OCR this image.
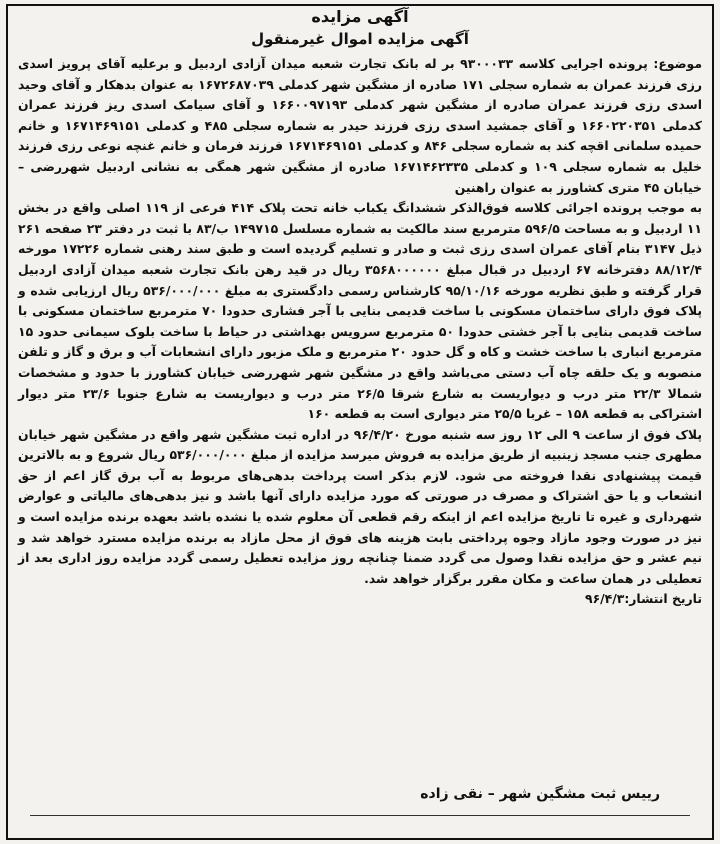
آگهی مزایده

آگهی مزایده اموال غیرمنقول

موضوع: پرونده اجرایی کلاسه ۹۳۰۰۰۳۳ بر له بانک تجارت شعبه میدان آزادی اردبیل و برعلیه آقای پرویز اسدی رزی فرزند عمران به شماره سجلی ۱۷۱ صادره از مشگین شهر کدملی ۱۶۷۲۶۸۷۰۳۹ به عنوان بدهکار و آقای وحید اسدی رزی فرزند عمران صادره از مشگین شهر کدملی ۱۶۶۰۰۹۷۱۹۳ و آقای سیامک اسدی ریز فرزند عمران کدملی ۱۶۶۰۲۲۰۳۵۱ و آقای جمشید اسدی رزی فرزند حیدر به شماره سجلی ۴۸۵ و کدملی ۱۶۷۱۴۶۹۱۵۱ و خانم حمیده سلمانی اقچه کند به شماره سجلی ۸۴۶ و کدملی ۱۶۷۱۴۶۹۱۵۱ فرزند فرمان و خانم غنچه نوعی رزی فرزند خلیل به شماره سجلی ۱۰۹ و کدملی ۱۶۷۱۴۶۲۳۳۵ صادره از مشگین شهر همگی به نشانی اردبیل شهررضی – خیابان ۴۵ متری کشاورز به عنوان راهنین

به موجب پرونده اجرائی کلاسه فوق‌الذکر ششدانگ یکباب خانه تحت پلاک ۴۱۴ فرعی از ۱۱۹ اصلی واقع در بخش ۱۱ اردبیل و به مساحت ۵۹۶/۵ مترمربع سند مالکیت به شماره مسلسل ۱۴۹۷۱۵ ب/۸۳ با ثبت در دفتر ۲۳ صفحه ۲۶۱ ذیل ۳۱۴۷ بنام آقای عمران اسدی رزی ثبت و صادر و تسلیم گردیده است و طبق سند رهنی شماره ۱۷۲۲۶ مورخه ۸۸/۱۲/۴ دفترخانه ۶۷ اردبیل در قبال مبلغ ۳۵۶۸۰۰۰۰۰۰ ریال در قید رهن بانک تجارت شعبه میدان آزادی اردبیل قرار گرفته و طبق نظریه مورخه ۹۵/۱۰/۱۶ کارشناس رسمی دادگستری به مبلغ ۵۳۶/۰۰۰/۰۰۰ ریال ارزیابی شده و پلاک فوق دارای ساختمان مسکونی با ساخت قدیمی بنایی با آجر فشاری حدودا ۷۰ مترمربع ساختمان مسکونی با ساخت قدیمی بنایی با آجر خشتی حدودا ۵۰ مترمربع سرویس بهداشتی در حیاط با ساخت بلوک سیمانی حدود ۱۵ مترمربع انباری با ساخت خشت و کاه و گل حدود ۲۰ مترمربع و ملک مزبور دارای انشعابات آب و برق و گاز و تلفن منصوبه و یک حلقه چاه آب دستی می‌باشد واقع در مشگین شهر شهررضی خیابان کشاورز با حدود و مشخصات شمالا ۲۲/۳ متر درب و دیواریست به شارع شرقا ۲۶/۵ متر درب و دیواریست به شارع جنوبا ۲۳/۶ متر دیوار اشتراکی به قطعه ۱۵۸ – غربا ۲۵/۵ متر دیواری است به قطعه ۱۶۰

پلاک فوق از ساعت ۹ الی ۱۲ روز سه شنبه مورخ ۹۶/۴/۲۰ در اداره ثبت مشگین شهر واقع در مشگین شهر خیابان مطهری جنب مسجد زینبیه از طریق مزایده به فروش میرسد مزایده از مبلغ ۵۳۶/۰۰۰/۰۰۰ ریال شروع و به بالاترین قیمت پیشنهادی نقدا فروخته می شود. لازم بذکر است پرداخت بدهی‌های مربوط به آب برق گاز اعم از حق انشعاب و یا حق اشتراک و مصرف در صورتی که مورد مزایده دارای آنها باشد و نیز بدهی‌های مالیاتی و عوارض شهرداری و غیره تا تاریخ مزایده اعم از اینکه رقم قطعی آن معلوم شده یا نشده باشد بعهده برنده مزایده است و نیز در صورت وجود مازاد وجوه پرداختی بابت هزینه های فوق از محل مازاد به برنده مزایده مسترد خواهد شد و نیم عشر و حق مزایده نقدا وصول می گردد ضمنا چنانچه روز مزایده تعطیل رسمی گردد مزایده روز اداری بعد از تعطیلی در همان ساعت و مکان مقرر برگزار خواهد شد.

تاریخ انتشار:۹۶/۴/۳

رییس ثبت مشگین شهر – نقی زاده
